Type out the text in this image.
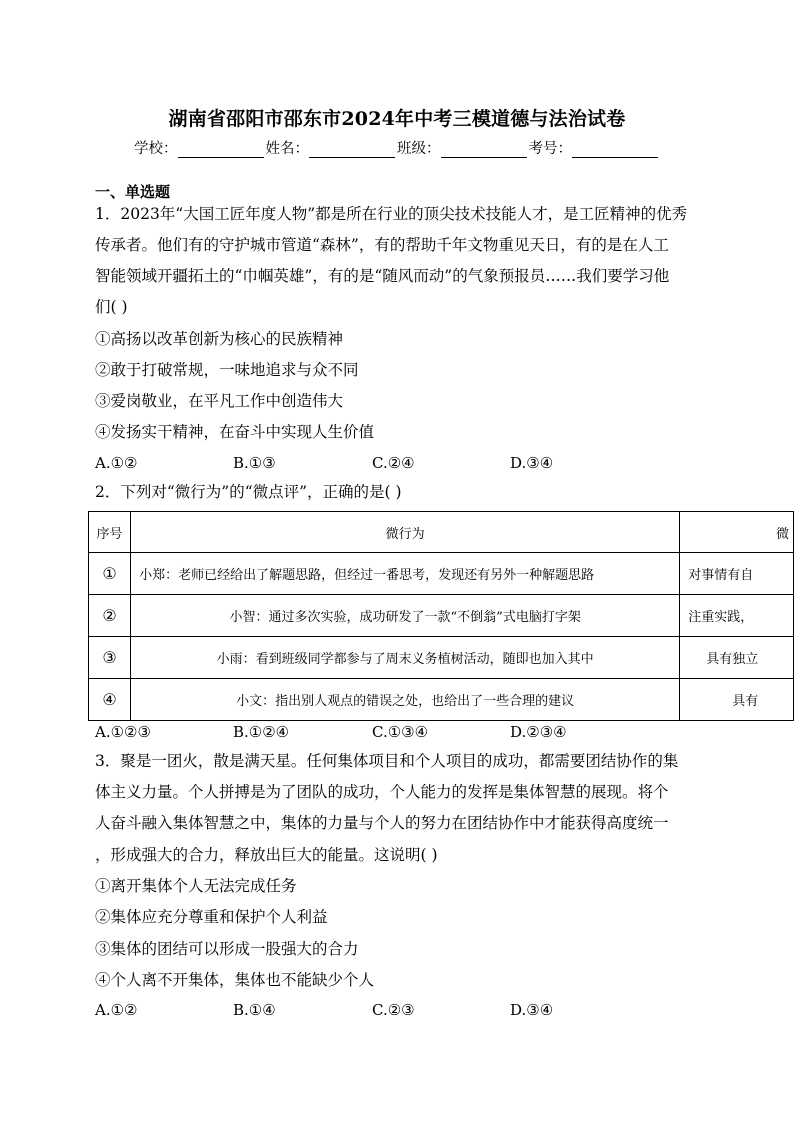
湖南省邵阳市邵东市2024年中考三模道德与法治试卷
学校：	姓名：	班级：	考号：
一、单选题
1．2023年“大国工匠年度人物”都是所在行业的顶尖技术技能人才，是工匠精神的优秀
传承者。他们有的守护城市管道“森林”，有的帮助千年文物重见天日，有的是在人工
智能领域开疆拓土的“巾帼英雄”，有的是“随风而动”的气象预报员……我们要学习他
们( )
①高扬以改革创新为核心的民族精神
②敢于打破常规，一味地追求与众不同
③爱岗敬业，在平凡工作中创造伟大
④发扬实干精神，在奋斗中实现人生价值
A.①②	B.①③	C.②④	D.③④
2．下列对“微行为”的“微点评”，正确的是( )
序号	微行为	微
①	小郑：老师已经给出了解题思路，但经过一番思考，发现还有另外一种解题思路	对事情有自
②	小智：通过多次实验，成功研发了一款“不倒翁”式电脑打字架	注重实践，
③	小雨：看到班级同学都参与了周末义务植树活动，随即也加入其中	具有独立
④	小文：指出别人观点的错误之处，也给出了一些合理的建议	具有
A.①②③	B.①②④	C.①③④	D.②③④
3．聚是一团火，散是满天星。任何集体项目和个人项目的成功，都需要团结协作的集
体主义力量。个人拼搏是为了团队的成功，个人能力的发挥是集体智慧的展现。将个
人奋斗融入集体智慧之中，集体的力量与个人的努力在团结协作中才能获得高度统一
，形成强大的合力，释放出巨大的能量。这说明( )
①离开集体个人无法完成任务
②集体应充分尊重和保护个人利益
③集体的团结可以形成一股强大的合力
④个人离不开集体，集体也不能缺少个人
A.①②	B.①④	C.②③	D.③④
